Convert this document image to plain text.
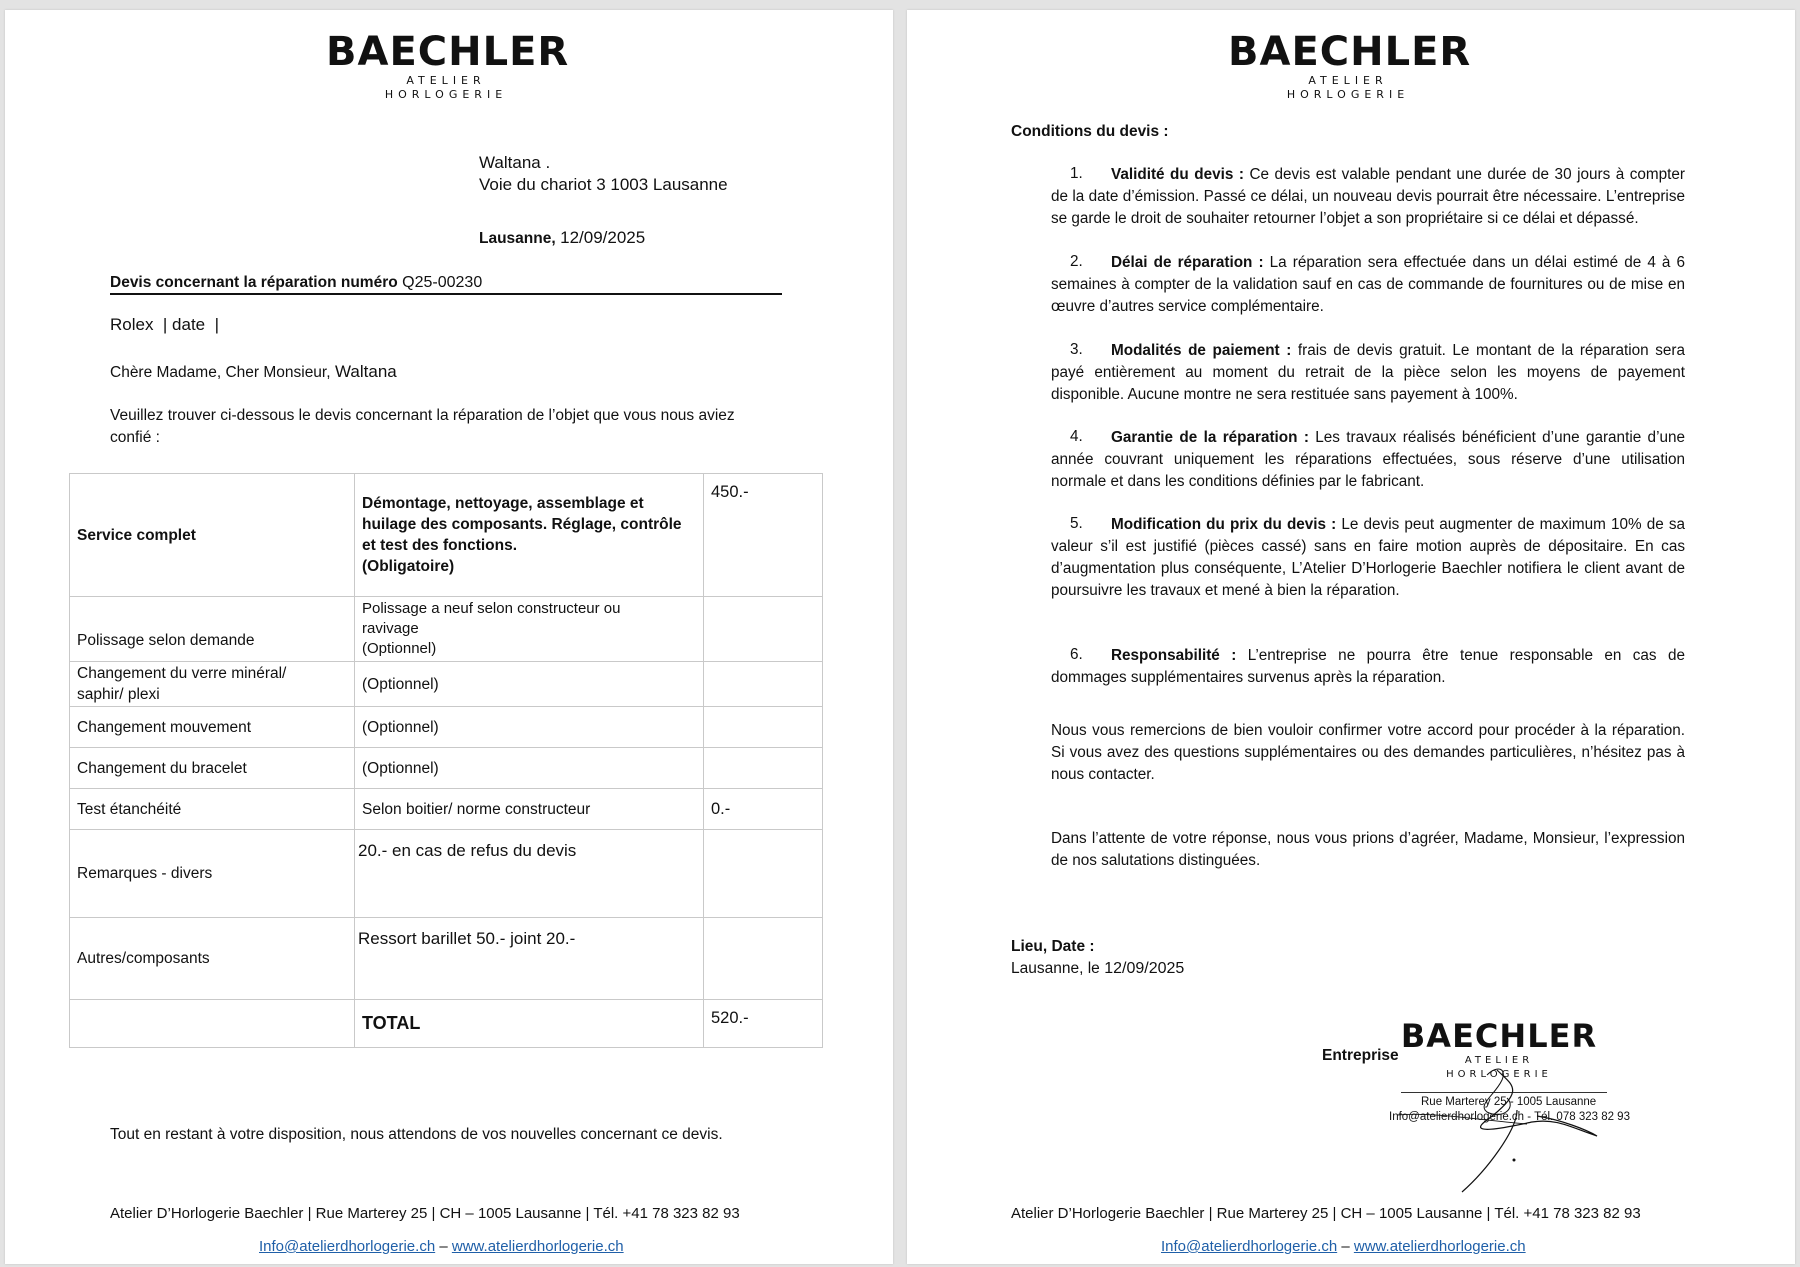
BAECHLER
ATELIER
HORLOGERIE
Waltana .
Voie du chariot 3 1003 Lausanne
Lausanne, 12/09/2025
Devis concernant la réparation numéro Q25-00230
Rolex  | date  |
Chère Madame, Cher Monsieur, Waltana
Veuillez trouver ci-dessous le devis concernant la réparation de l’objet que vous nous aviez
confié :
Service complet	Démontage, nettoyage, assemblage et
huilage des composants. Réglage, contrôle
et test des fonctions.
(Obligatoire)	450.-
Polissage selon demande	Polissage a neuf selon constructeur ou
ravivage
(Optionnel)	

Changement du verre minéral/
saphir/ plexi	(Optionnel)	
Changement mouvement	(Optionnel)	
Changement du bracelet	(Optionnel)	
Test étanchéité	Selon boitier/ norme constructeur	0.-
Remarques - divers	20.- en cas de refus du devis	
Autres/composants	Ressort barillet 50.- joint 20.-	
	TOTAL	520.-
Tout en restant à votre disposition, nous attendons de vos nouvelles concernant ce devis.
Atelier D’Horlogerie Baechler | Rue Marterey 25 | CH – 1005 Lausanne | Tél. +41 78 323 82 93
Info@atelierdhorlogerie.ch – www.atelierdhorlogerie.ch
BAECHLER
ATELIER
HORLOGERIE
Conditions du devis :
1.	Validité du devis : Ce devis est valable pendant une durée de 30 jours à compter de la date d’émission. Passé ce délai, un nouveau devis pourrait être nécessaire. L’entreprise se garde le droit de souhaiter retourner l’objet a son propriétaire si ce délai et dépassé.
2.	Délai de réparation : La réparation sera effectuée dans un délai estimé de 4 à 6 semaines à compter de la validation sauf en cas de commande de fournitures ou de mise en œuvre d’autres service complémentaire.
3.	Modalités de paiement : frais de devis gratuit. Le montant de la réparation sera payé entièrement au moment du retrait de la pièce selon les moyens de payement disponible. Aucune montre ne sera restituée sans payement à 100%.
4.	Garantie de la réparation : Les travaux réalisés bénéficient d’une garantie d’une année couvrant uniquement les réparations effectuées, sous réserve d’une utilisation normale et dans les conditions définies par le fabricant.
5.	Modification du prix du devis : Le devis peut augmenter de maximum 10% de sa valeur s’il est justifié (pièces cassé) sans en faire motion auprès de dépositaire. En cas d’augmentation plus conséquente, L’Atelier D’Horlogerie Baechler notifiera le client avant de poursuivre les travaux et mené à bien la réparation.
6.	Responsabilité : L’entreprise ne pourra être tenue responsable en cas de dommages supplémentaires survenus après la réparation.
Nous vous remercions de bien vouloir confirmer votre accord pour procéder à la réparation. Si vous avez des questions supplémentaires ou des demandes particulières, n’hésitez pas à nous contacter.
Dans l’attente de votre réponse, nous vous prions d’agréer, Madame, Monsieur, l’expression de nos salutations distinguées.
Lieu, Date :
Lausanne, le 12/09/2025
Entreprise
BAECHLER
ATELIER
HORLOGERIE
Rue Marterey 25 - 1005 Lausanne
Info@atelierdhorlogerie.ch - Tél. 078 323 82 93
Atelier D’Horlogerie Baechler | Rue Marterey 25 | CH – 1005 Lausanne | Tél. +41 78 323 82 93
Info@atelierdhorlogerie.ch – www.atelierdhorlogerie.ch
